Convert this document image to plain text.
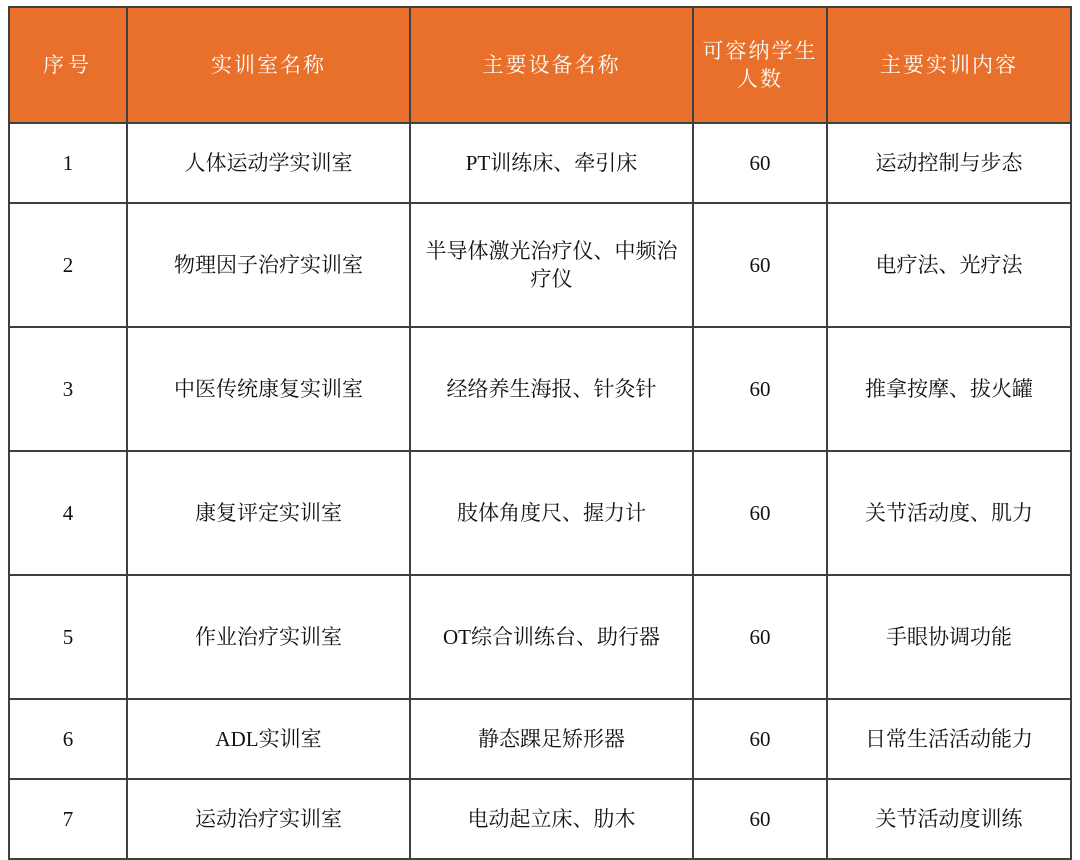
序号	实训室名称	主要设备名称	可容纳学生人数	主要实训内容
1	人体运动学实训室	PT训练床、牵引床	60	运动控制与步态
2	物理因子治疗实训室	半导体激光治疗仪、中频治疗仪	60	电疗法、光疗法
3	中医传统康复实训室	经络养生海报、针灸针	60	推拿按摩、拔火罐
4	康复评定实训室	肢体角度尺、握力计	60	关节活动度、肌力
5	作业治疗实训室	OT综合训练台、助行器	60	手眼协调功能
6	ADL实训室	静态踝足矫形器	60	日常生活活动能力
7	运动治疗实训室	电动起立床、肋木	60	关节活动度训练
